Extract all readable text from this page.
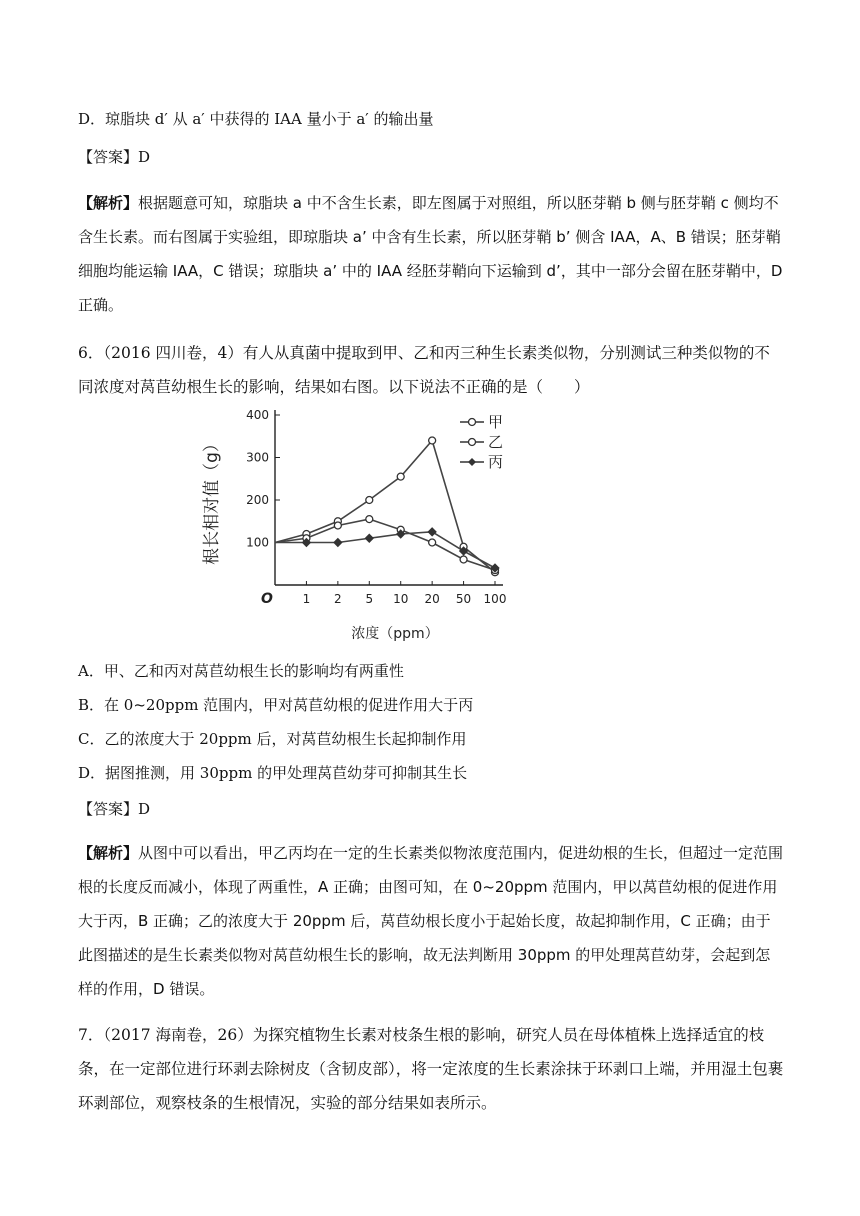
D．琼脂块 d′ 从 a′ 中获得的 IAA 量小于 a′ 的输出量
【答案】D
【解析】根据题意可知，琼脂块 a 中不含生长素，即左图属于对照组，所以胚芽鞘 b 侧与胚芽鞘 c 侧均不含生长素。而右图属于实验组，即琼脂块 a’ 中含有生长素，所以胚芽鞘 b’ 侧含 IAA，A、B 错误；胚芽鞘细胞均能运输 IAA，C 错误；琼脂块 a’ 中的 IAA 经胚芽鞘向下运输到 d’，其中一部分会留在胚芽鞘中，D 正确。
6．（2016 四川卷，4）有人从真菌中提取到甲、乙和丙三种生长素类似物，分别测试三种类似物的不同浓度对莴苣幼根生长的影响，结果如右图。以下说法不正确的是（　　）
100
200
300
400
O 1 2 5 10 20 50 100
根长相对值（g）
浓度（ppm）
甲
乙
丙
A．甲、乙和丙对莴苣幼根生长的影响均有两重性
B．在 0~20ppm 范围内，甲对莴苣幼根的促进作用大于丙
C．乙的浓度大于 20ppm 后，对莴苣幼根生长起抑制作用
D．据图推测，用 30ppm 的甲处理莴苣幼芽可抑制其生长
【答案】D
【解析】从图中可以看出，甲乙丙均在一定的生长素类似物浓度范围内，促进幼根的生长，但超过一定范围根的长度反而减小，体现了两重性，A 正确；由图可知，在 0~20ppm 范围内，甲以莴苣幼根的促进作用大于丙，B 正确；乙的浓度大于 20ppm 后，莴苣幼根长度小于起始长度，故起抑制作用，C 正确；由于此图描述的是生长素类似物对莴苣幼根生长的影响，故无法判断用 30ppm 的甲处理莴苣幼芽，会起到怎样的作用，D 错误。
7．（2017 海南卷，26）为探究植物生长素对枝条生根的影响，研究人员在母体植株上选择适宜的枝条，在一定部位进行环剥去除树皮（含韧皮部），将一定浓度的生长素涂抹于环剥口上端，并用湿土包裹环剥部位，观察枝条的生根情况，实验的部分结果如表所示。
